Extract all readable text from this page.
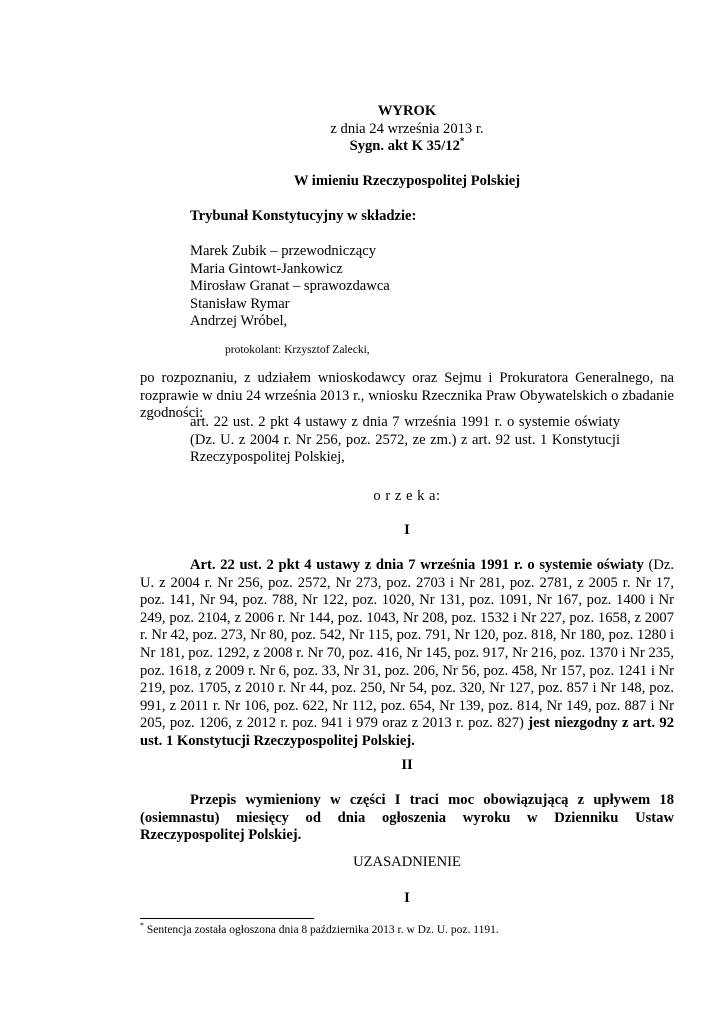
WYROK
z dnia 24 września 2013 r.
Sygn. akt K 35/12*
W imieniu Rzeczypospolitej Polskiej
Trybunał Konstytucyjny w składzie:
Marek Zubik – przewodniczący
Maria Gintowt-Jankowicz
Mirosław Granat – sprawozdawca
Stanisław Rymar
Andrzej Wróbel,
protokolant: Krzysztof Zalecki,
po rozpoznaniu, z udziałem wnioskodawcy oraz Sejmu i Prokuratora Generalnego, na rozprawie w dniu 24 września 2013 r., wniosku Rzecznika Praw Obywatelskich o zbadanie zgodności:
art. 22 ust. 2 pkt 4 ustawy z dnia 7 września 1991 r. o systemie oświaty (Dz. U. z 2004 r. Nr 256, poz. 2572, ze zm.) z art. 92 ust. 1 Konstytucji Rzeczypospolitej Polskiej,
o r z e k a:
I
Art. 22 ust. 2 pkt 4 ustawy z dnia 7 września 1991 r. o systemie oświaty (Dz. U. z 2004 r. Nr 256, poz. 2572, Nr 273, poz. 2703 i Nr 281, poz. 2781, z 2005 r. Nr 17, poz. 141, Nr 94, poz. 788, Nr 122, poz. 1020, Nr 131, poz. 1091, Nr 167, poz. 1400 i Nr 249, poz. 2104, z 2006 r. Nr 144, poz. 1043, Nr 208, poz. 1532 i Nr 227, poz. 1658, z 2007 r. Nr 42, poz. 273, Nr 80, poz. 542, Nr 115, poz. 791, Nr 120, poz. 818, Nr 180, poz. 1280 i Nr 181, poz. 1292, z 2008 r. Nr 70, poz. 416, Nr 145, poz. 917, Nr 216, poz. 1370 i Nr 235, poz. 1618, z 2009 r. Nr 6, poz. 33, Nr 31, poz. 206, Nr 56, poz. 458, Nr 157, poz. 1241 i Nr 219, poz. 1705, z 2010 r. Nr 44, poz. 250, Nr 54, poz. 320, Nr 127, poz. 857 i Nr 148, poz. 991, z 2011 r. Nr 106, poz. 622, Nr 112, poz. 654, Nr 139, poz. 814, Nr 149, poz. 887 i Nr 205, poz. 1206, z 2012 r. poz. 941 i 979 oraz z 2013 r. poz. 827) jest niezgodny z art. 92 ust. 1 Konstytucji Rzeczypospolitej Polskiej.
II
Przepis wymieniony w części I traci moc obowiązującą z upływem 18 (osiemnastu) miesięcy od dnia ogłoszenia wyroku w Dzienniku Ustaw Rzeczypospolitej Polskiej.
UZASADNIENIE
I
* Sentencja została ogłoszona dnia 8 października 2013 r. w Dz. U. poz. 1191.
